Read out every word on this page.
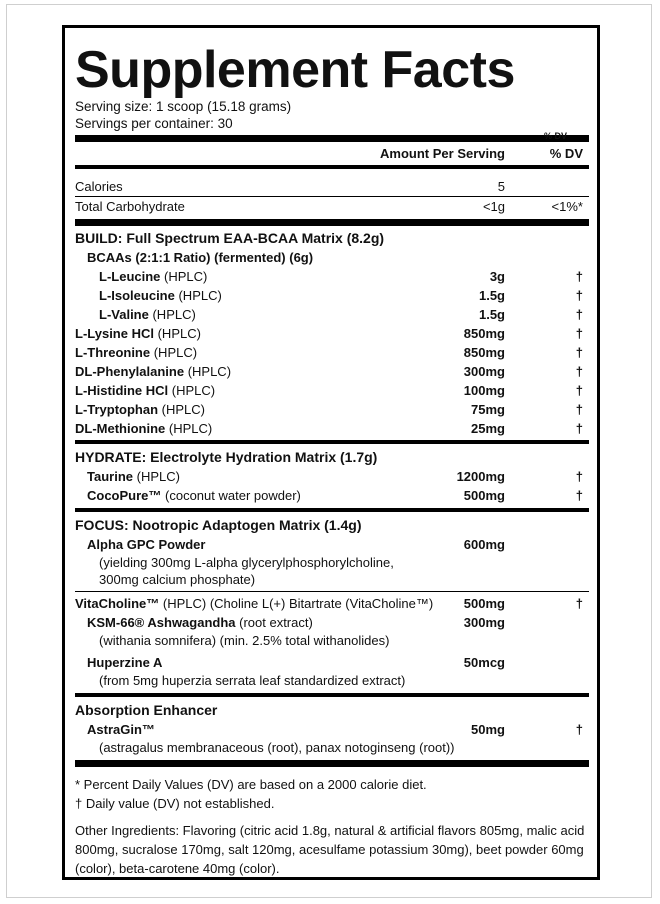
Supplement Facts
Serving size: 1 scoop (15.18 grams)
Servings per container: 30
% DV
Amount Per Serving	% DV
Calories	5
Total Carbohydrate	<1g	<1%*
BUILD: Full Spectrum EAA-BCAA Matrix (8.2g)
BCAAs (2:1:1 Ratio) (fermented) (6g)
L-Leucine (HPLC)	3g	†
L-Isoleucine (HPLC)	1.5g	†
L-Valine (HPLC)	1.5g	†
L-Lysine HCl (HPLC)	850mg	†
L-Threonine (HPLC)	850mg	†
DL-Phenylalanine (HPLC)	300mg	†
L-Histidine HCl (HPLC)	100mg	†
L-Tryptophan (HPLC)	75mg	†
DL-Methionine (HPLC)	25mg	†
HYDRATE: Electrolyte Hydration Matrix (1.7g)
Taurine (HPLC)	1200mg	†
CocoPure™ (coconut water powder)	500mg	†
FOCUS: Nootropic Adaptogen Matrix (1.4g)
Alpha GPC Powder	600mg
(yielding 300mg L-alpha glycerylphosphorylcholine,
300mg calcium phosphate)
VitaCholine™ (HPLC) (Choline L(+) Bitartrate (VitaCholine™) 500mg	†
KSM-66® Ashwagandha (root extract)	300mg
(withania somnifera) (min. 2.5% total withanolides)
Huperzine A	50mcg
(from 5mg huperzia serrata leaf standardized extract)
Absorption Enhancer
AstraGin™	50mg	†
(astragalus membranaceous (root), panax notoginseng (root))
* Percent Daily Values (DV) are based on a 2000 calorie diet.
† Daily value (DV) not established.
Other Ingredients: Flavoring (citric acid 1.8g, natural & artificial flavors 805mg, malic acid 800mg, sucralose 170mg, salt 120mg, acesulfame potassium 30mg), beet powder 60mg (color), beta-carotene 40mg (color).
